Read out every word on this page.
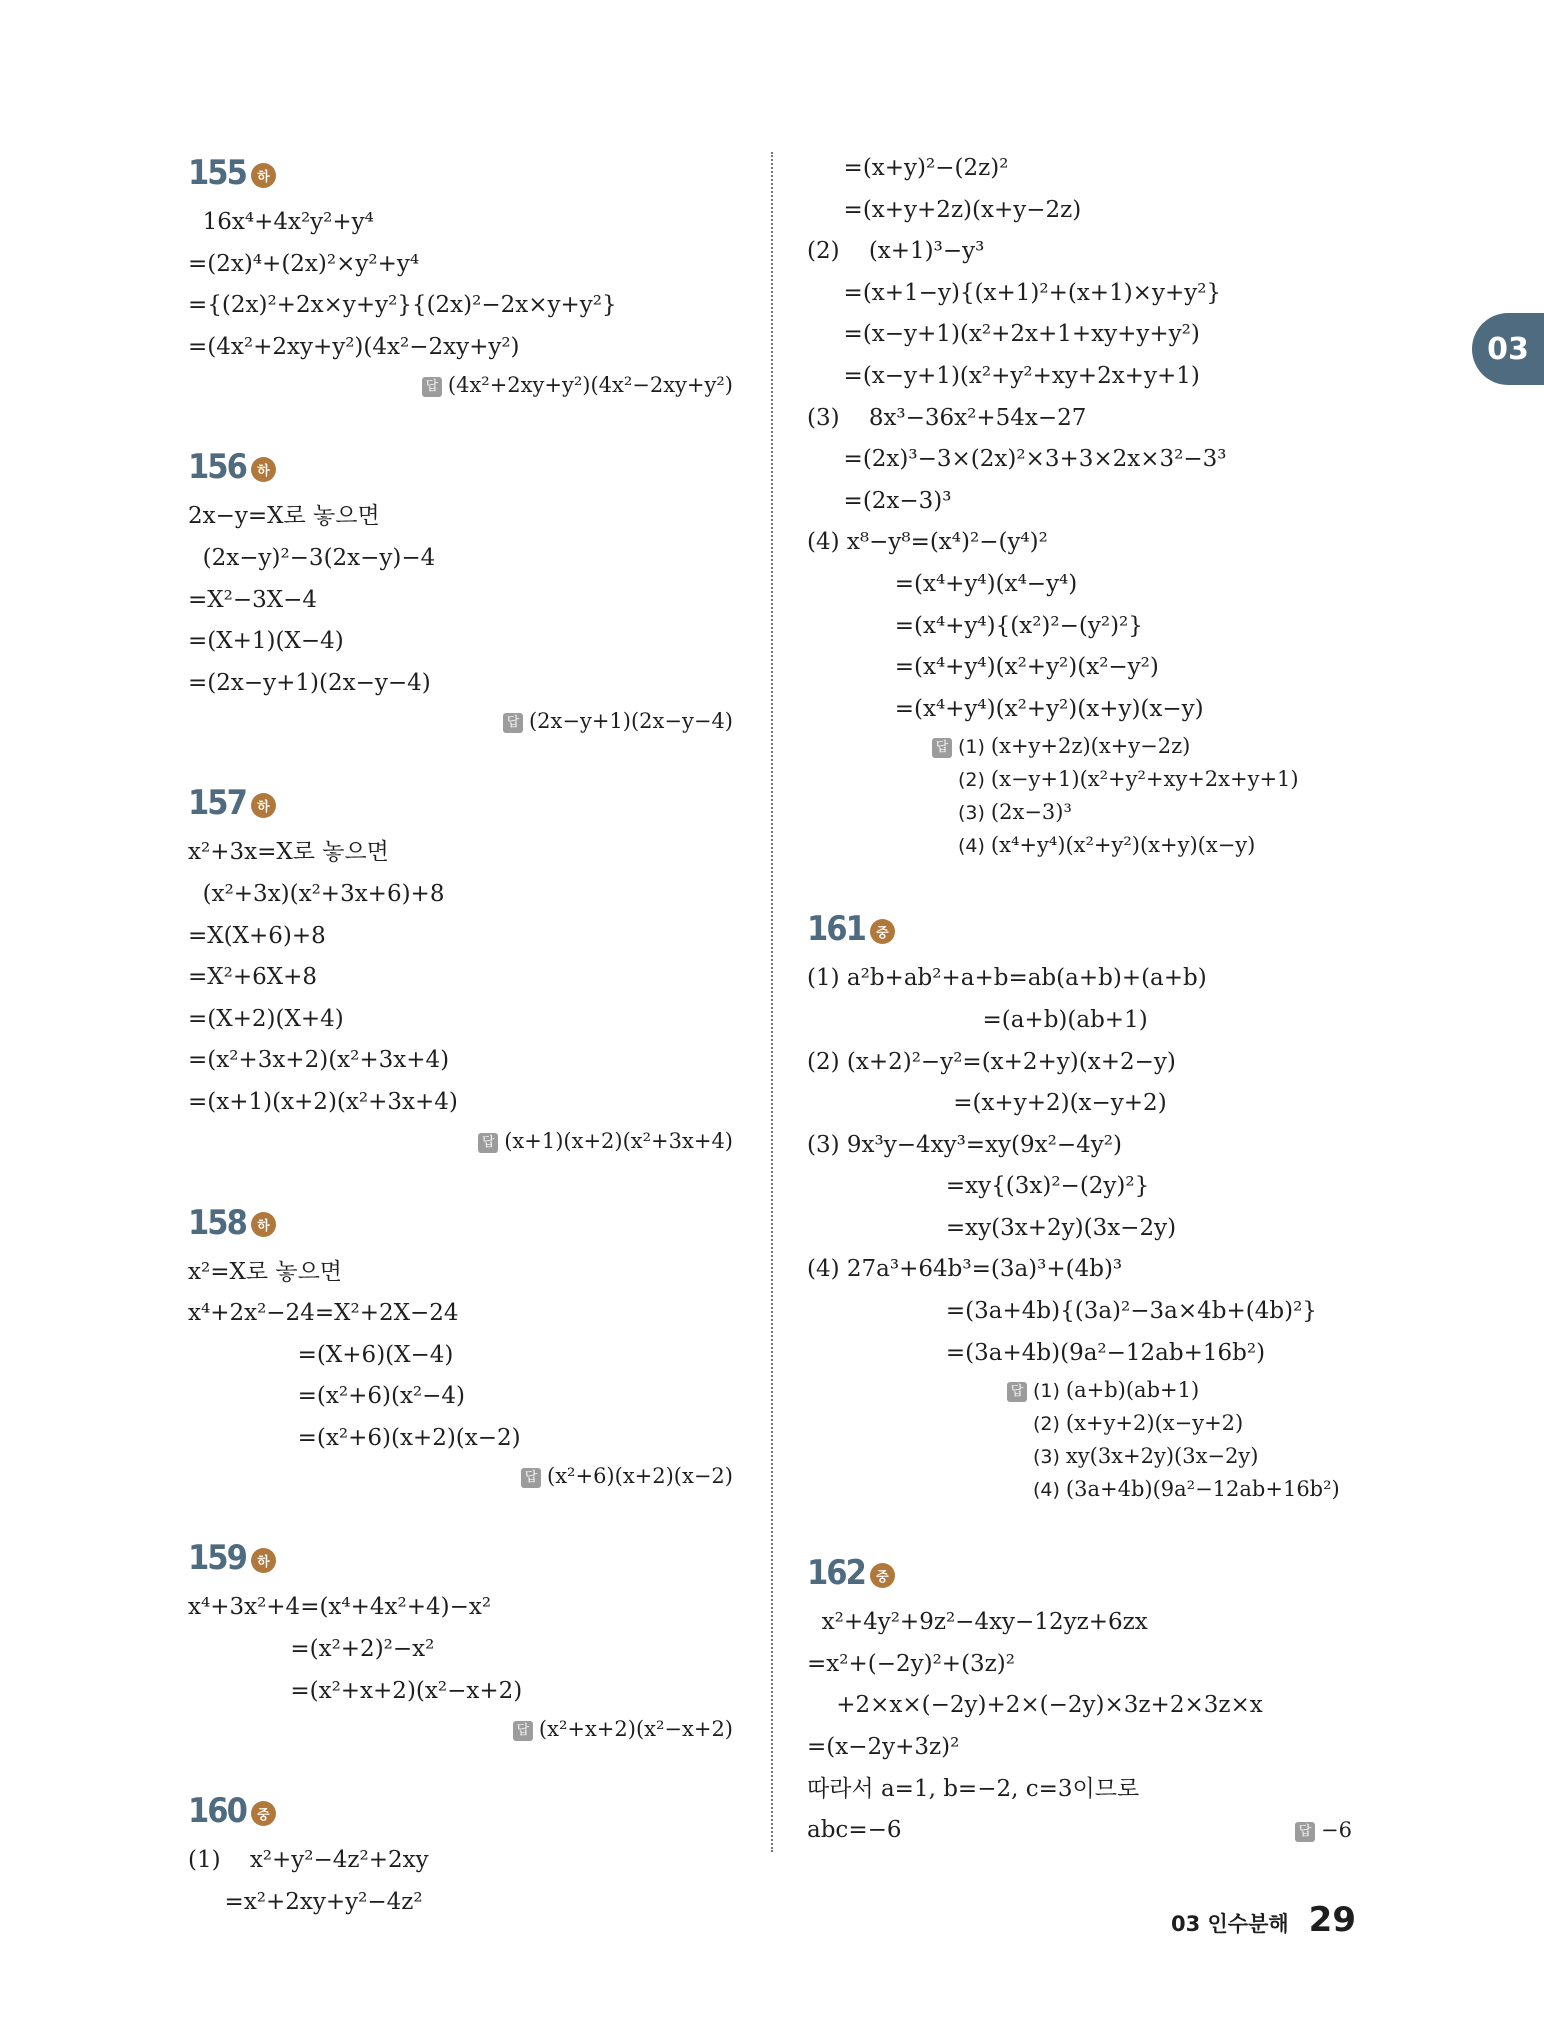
03
155 하
16x⁴+4x²y²+y⁴
=(2x)⁴+(2x)²×y²+y⁴
={(2x)²+2x×y+y²}{(2x)²−2x×y+y²}
=(4x²+2xy+y²)(4x²−2xy+y²)
답 (4x²+2xy+y²)(4x²−2xy+y²)
156 하
2x−y=X로 놓으면
(2x−y)²−3(2x−y)−4
=X²−3X−4
=(X+1)(X−4)
=(2x−y+1)(2x−y−4)
답 (2x−y+1)(2x−y−4)
157 하
x²+3x=X로 놓으면
(x²+3x)(x²+3x+6)+8
=X(X+6)+8
=X²+6X+8
=(X+2)(X+4)
=(x²+3x+2)(x²+3x+4)
=(x+1)(x+2)(x²+3x+4)
답 (x+1)(x+2)(x²+3x+4)
158 하
x²=X로 놓으면
x⁴+2x²−24=X²+2X−24
=(X+6)(X−4)
=(x²+6)(x²−4)
=(x²+6)(x+2)(x−2)
답 (x²+6)(x+2)(x−2)
159 하
x⁴+3x²+4=(x⁴+4x²+4)−x²
=(x²+2)²−x²
=(x²+x+2)(x²−x+2)
답 (x²+x+2)(x²−x+2)
160 중
(1)    x²+y²−4z²+2xy
=x²+2xy+y²−4z²
=(x+y)²−(2z)²
=(x+y+2z)(x+y−2z)
(2)    (x+1)³−y³
=(x+1−y){(x+1)²+(x+1)×y+y²}
=(x−y+1)(x²+2x+1+xy+y+y²)
=(x−y+1)(x²+y²+xy+2x+y+1)
(3)    8x³−36x²+54x−27
=(2x)³−3×(2x)²×3+3×2x×3²−3³
=(2x−3)³
(4) x⁸−y⁸=(x⁴)²−(y⁴)²
=(x⁴+y⁴)(x⁴−y⁴)
=(x⁴+y⁴){(x²)²−(y²)²}
=(x⁴+y⁴)(x²+y²)(x²−y²)
=(x⁴+y⁴)(x²+y²)(x+y)(x−y)
답 (1) (x+y+2z)(x+y−2z)
(2) (x−y+1)(x²+y²+xy+2x+y+1)
(3) (2x−3)³
(4) (x⁴+y⁴)(x²+y²)(x+y)(x−y)
161 중
(1) a²b+ab²+a+b=ab(a+b)+(a+b)
=(a+b)(ab+1)
(2) (x+2)²−y²=(x+2+y)(x+2−y)
=(x+y+2)(x−y+2)
(3) 9x³y−4xy³=xy(9x²−4y²)
=xy{(3x)²−(2y)²}
=xy(3x+2y)(3x−2y)
(4) 27a³+64b³=(3a)³+(4b)³
=(3a+4b){(3a)²−3a×4b+(4b)²}
=(3a+4b)(9a²−12ab+16b²)
답 (1) (a+b)(ab+1)
(2) (x+y+2)(x−y+2)
(3) xy(3x+2y)(3x−2y)
(4) (3a+4b)(9a²−12ab+16b²)
162 중
x²+4y²+9z²−4xy−12yz+6zx
=x²+(−2y)²+(3z)²
+2×x×(−2y)+2×(−2y)×3z+2×3z×x
=(x−2y+3z)²
따라서 a=1, b=−2, c=3이므로
abc=−6	답 −6
03 인수분해 29
